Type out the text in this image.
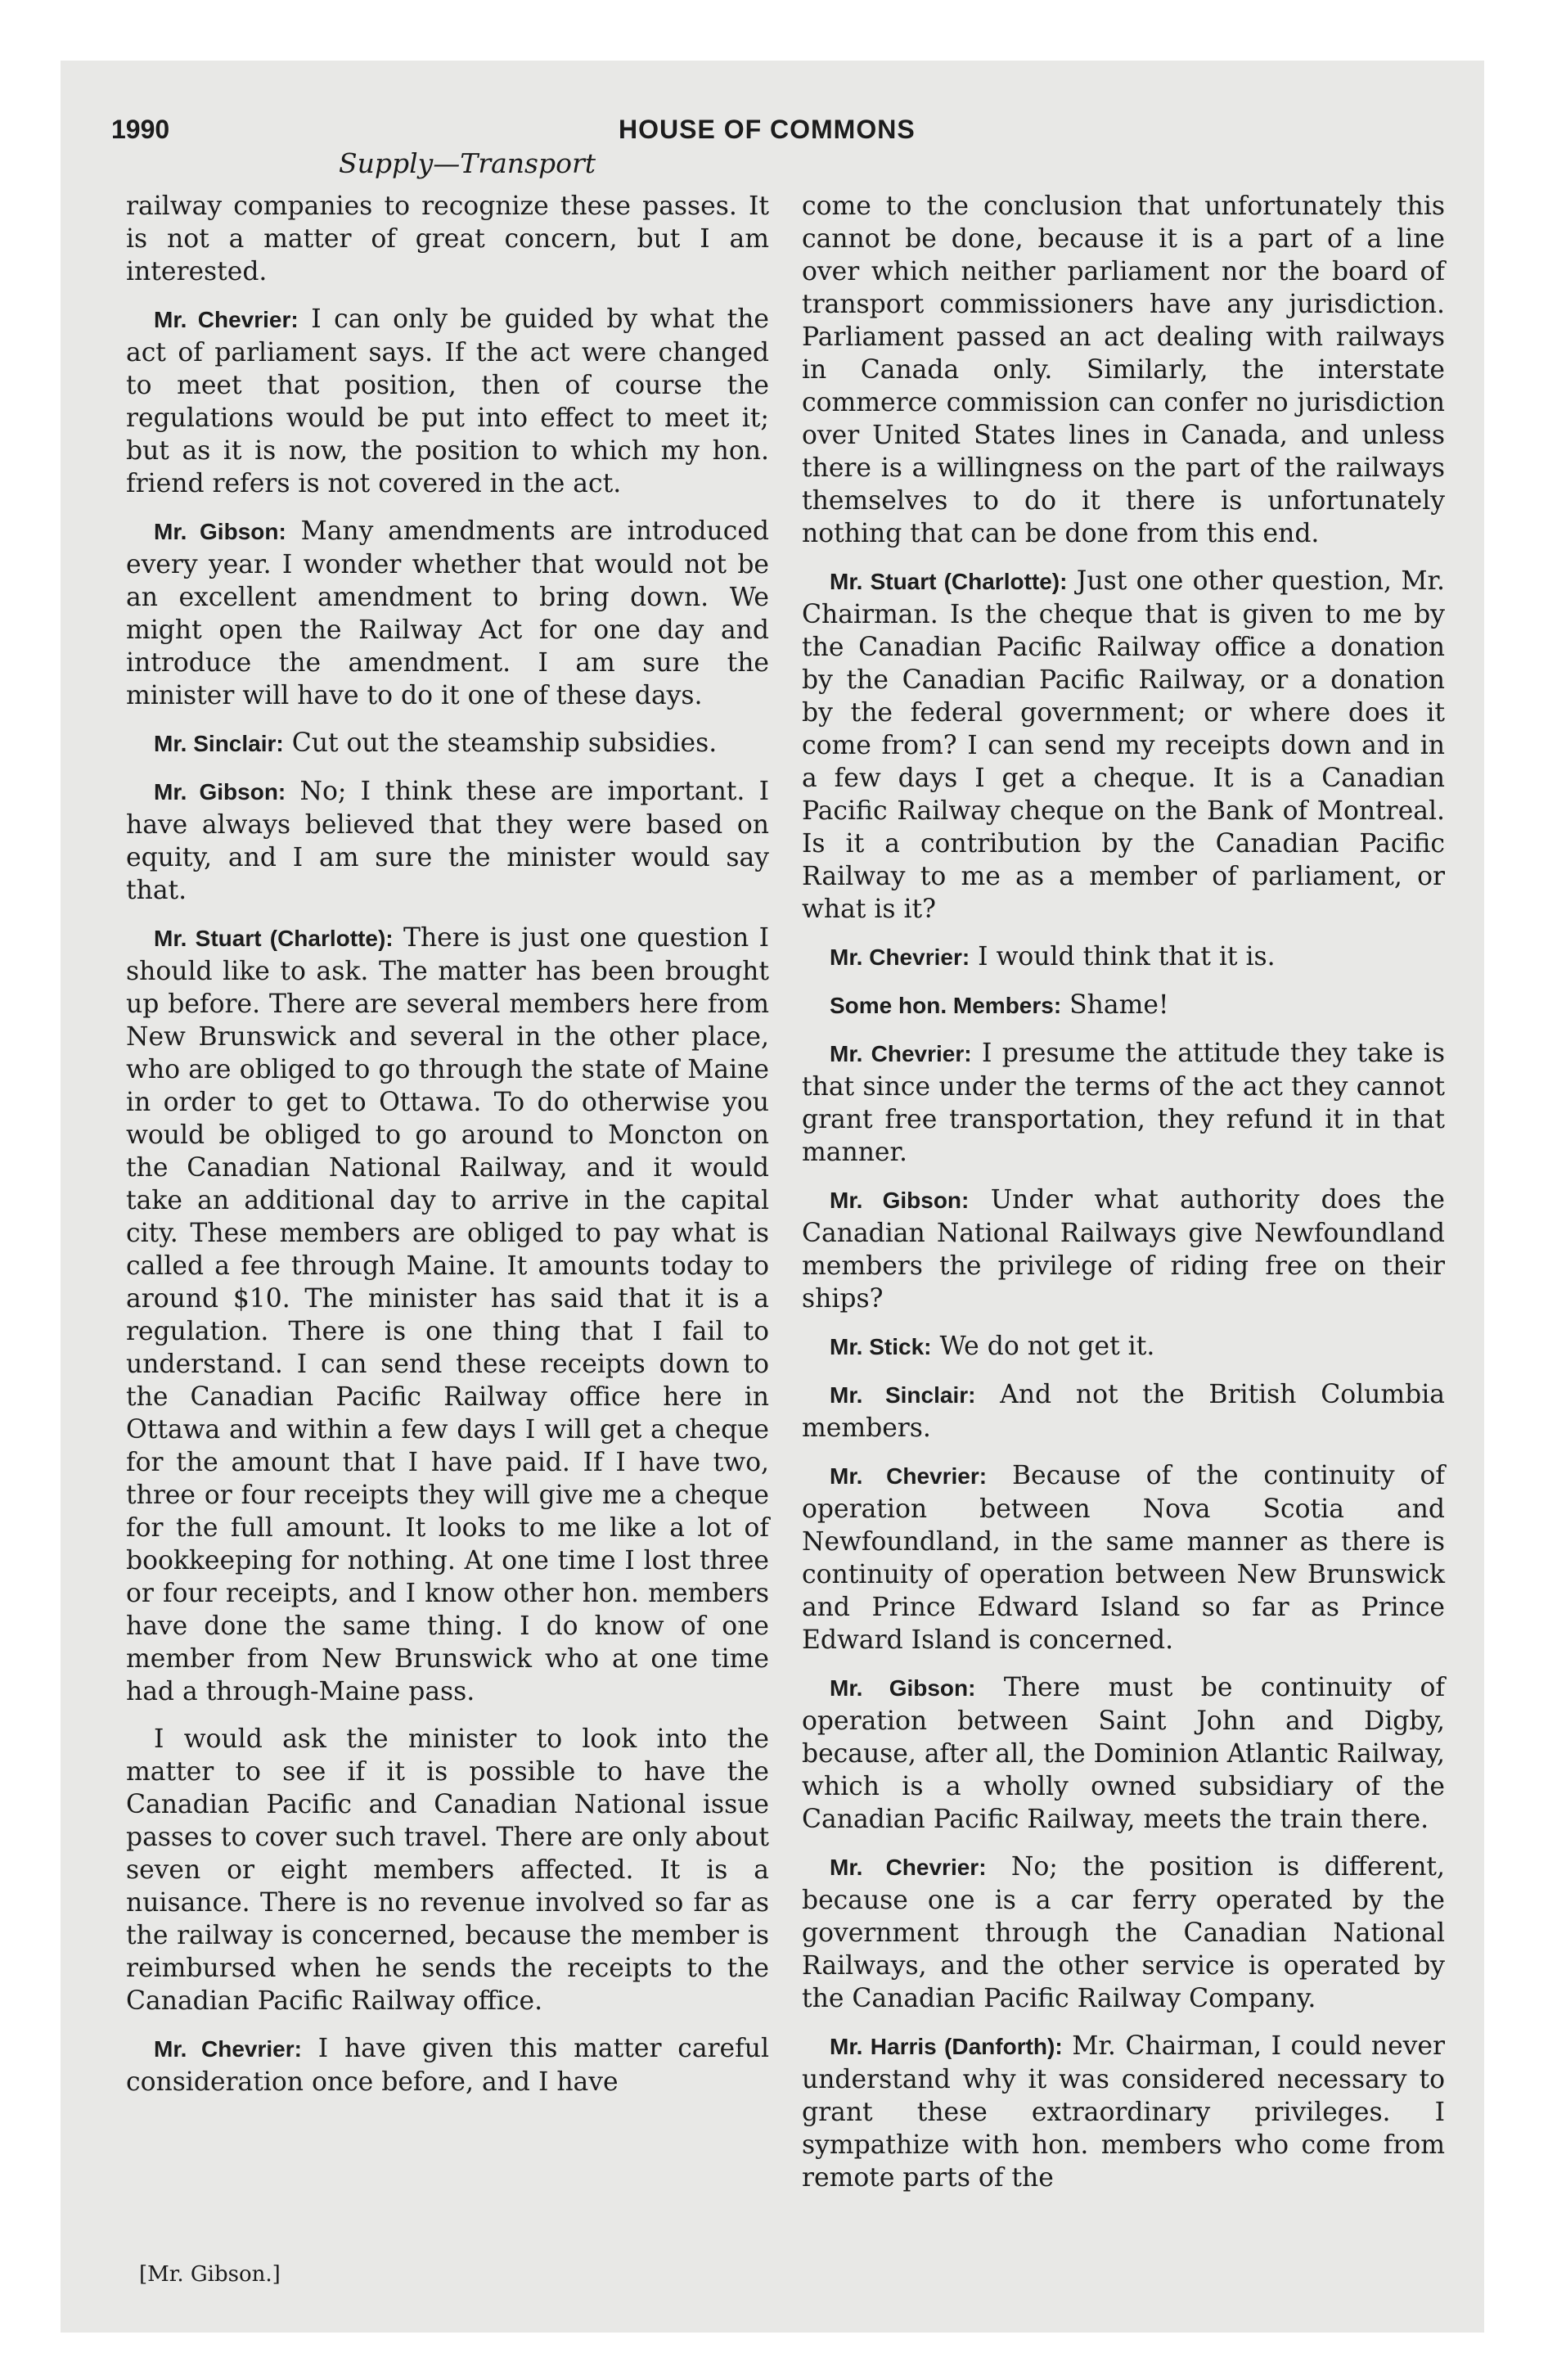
1990	HOUSE OF COMMONS
Supply—Transport

railway companies to recognize these passes. It is not a matter of great concern, but I am interested.

Mr. Chevrier: I can only be guided by what the act of parliament says. If the act were changed to meet that position, then of course the regulations would be put into effect to meet it; but as it is now, the position to which my hon. friend refers is not covered in the act.

Mr. Gibson: Many amendments are introduced every year. I wonder whether that would not be an excellent amendment to bring down. We might open the Railway Act for one day and introduce the amendment. I am sure the minister will have to do it one of these days.

Mr. Sinclair: Cut out the steamship subsidies.

Mr. Gibson: No; I think these are important. I have always believed that they were based on equity, and I am sure the minister would say that.

Mr. Stuart (Charlotte): There is just one question I should like to ask. The matter has been brought up before. There are several members here from New Brunswick and several in the other place, who are obliged to go through the state of Maine in order to get to Ottawa. To do otherwise you would be obliged to go around to Moncton on the Canadian National Railway, and it would take an additional day to arrive in the capital city. These members are obliged to pay what is called a fee through Maine. It amounts today to around $10. The minister has said that it is a regulation. There is one thing that I fail to understand. I can send these receipts down to the Canadian Pacific Railway office here in Ottawa and within a few days I will get a cheque for the amount that I have paid. If I have two, three or four receipts they will give me a cheque for the full amount. It looks to me like a lot of bookkeeping for nothing. At one time I lost three or four receipts, and I know other hon. members have done the same thing. I do know of one member from New Brunswick who at one time had a through-Maine pass.

I would ask the minister to look into the matter to see if it is possible to have the Canadian Pacific and Canadian National issue passes to cover such travel. There are only about seven or eight members affected. It is a nuisance. There is no revenue involved so far as the railway is concerned, because the member is reimbursed when he sends the receipts to the Canadian Pacific Railway office.

Mr. Chevrier: I have given this matter careful consideration once before, and I have

come to the conclusion that unfortunately this cannot be done, because it is a part of a line over which neither parliament nor the board of transport commissioners have any jurisdiction. Parliament passed an act dealing with railways in Canada only. Similarly, the interstate commerce commission can confer no jurisdiction over United States lines in Canada, and unless there is a willingness on the part of the railways themselves to do it there is unfortunately nothing that can be done from this end.

Mr. Stuart (Charlotte): Just one other question, Mr. Chairman. Is the cheque that is given to me by the Canadian Pacific Railway office a donation by the Canadian Pacific Railway, or a donation by the federal government; or where does it come from? I can send my receipts down and in a few days I get a cheque. It is a Canadian Pacific Railway cheque on the Bank of Montreal. Is it a contribution by the Canadian Pacific Railway to me as a member of parliament, or what is it?

Mr. Chevrier: I would think that it is.

Some hon. Members: Shame!

Mr. Chevrier: I presume the attitude they take is that since under the terms of the act they cannot grant free transportation, they refund it in that manner.

Mr. Gibson: Under what authority does the Canadian National Railways give Newfoundland members the privilege of riding free on their ships?

Mr. Stick: We do not get it.

Mr. Sinclair: And not the British Columbia members.

Mr. Chevrier: Because of the continuity of operation between Nova Scotia and Newfoundland, in the same manner as there is continuity of operation between New Brunswick and Prince Edward Island so far as Prince Edward Island is concerned.

Mr. Gibson: There must be continuity of operation between Saint John and Digby, because, after all, the Dominion Atlantic Railway, which is a wholly owned subsidiary of the Canadian Pacific Railway, meets the train there.

Mr. Chevrier: No; the position is different, because one is a car ferry operated by the government through the Canadian National Railways, and the other service is operated by the Canadian Pacific Railway Company.

Mr. Harris (Danforth): Mr. Chairman, I could never understand why it was considered necessary to grant these extraordinary privileges. I sympathize with hon. members who come from remote parts of the

[Mr. Gibson.]
